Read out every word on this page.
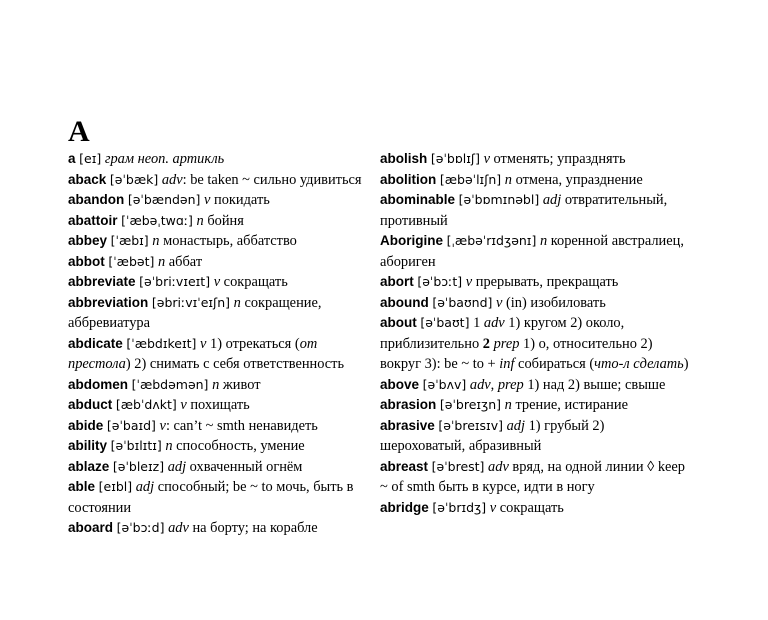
A
a [eɪ] грам неоп. артикль
aback [əˈbæk] adv: be taken ~ сильно удивиться
abandon [əˈbændən] v покидать
abattoir [ˈæbəˌtwɑː] n бойня
abbey [ˈæbɪ] n монастырь, аббатство
abbot [ˈæbət] n аббат
abbreviate [əˈbriːvɪeɪt] v сокращать
abbreviation [əbriːvɪˈeɪʃn] n сокращение, аббревиатура
abdicate [ˈæbdɪkeɪt] v 1) отрекаться (от престола) 2) снимать с себя ответственность
abdomen [ˈæbdəmən] n живот
abduct [æbˈdʌkt] v похищать
abide [əˈbaɪd] v: can’t ~ smth ненавидеть
ability [əˈbɪlɪtɪ] n способность, умение
ablaze [əˈbleɪz] adj охваченный огнём
able [eɪbl] adj способный; be ~ to мочь, быть в состоянии
aboard [əˈbɔːd] adv на борту; на корабле
abolish [əˈbɒlɪʃ] v отменять; упразднять
abolition [æbəˈlɪʃn] n отмена, упразднение
abominable [əˈbɒmɪnəbl] adj отвратительный, противный
Aborigine [ˌæbəˈrɪdʒənɪ] n коренной австралиец, абориген
abort [əˈbɔːt] v прерывать, прекращать
abound [əˈbaʊnd] v (in) изобиловать
about [əˈbaʊt] 1 adv 1) кругом 2) около, приблизительно 2 prep 1) о, относительно 2) вокруг 3): be ~ to + inf собираться (что-л сделать)
above [əˈbʌv] adv, prep 1) над 2) выше; свыше
abrasion [əˈbreɪʒn] n трение, истирание
abrasive [əˈbreɪsɪv] adj 1) грубый 2) шероховатый, абразивный
abreast [əˈbrest] adv вряд, на одной линии ◊ keep ~ of smth быть в курсе, идти в ногу
abridge [əˈbrɪdʒ] v сокращать
